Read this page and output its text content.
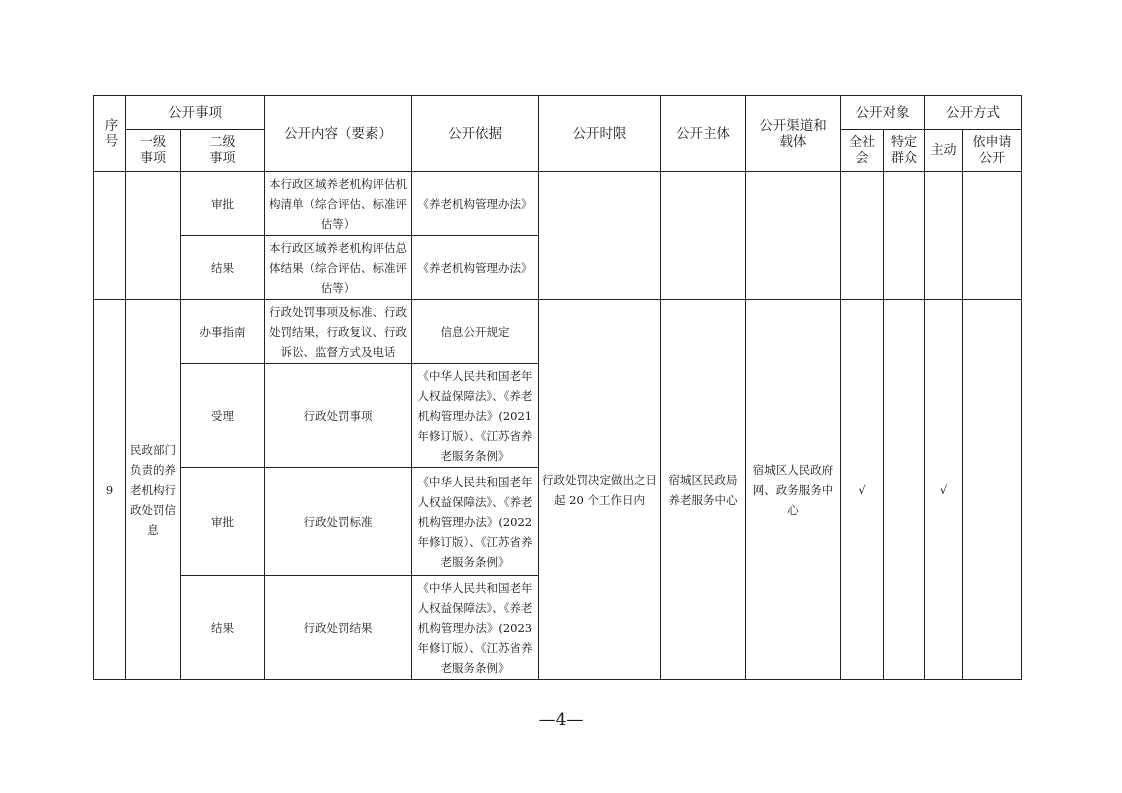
序号	公开事项		公开内容（要素）	公开依据	公开时限	公开主体	公开渠道和载体	公开对象		公开方式	
	一级事项	二级事项						全社会	特定群众	主动	依申请公开
		审批	本行政区域养老机构评估机构清单（综合评估、标准评估等）	《养老机构管理办法》							
		结果	本行政区域养老机构评估总体结果（综合评估、标准评估等）	《养老机构管理办法》							
9	民政部门负责的养老机构行政处罚信息	办事指南	行政处罚事项及标准、行政处罚结果，行政复议、行政诉讼、监督方式及电话	信息公开规定	行政处罚决定做出之日起 20 个工作日内	宿城区民政局养老服务中心	宿城区人民政府网、政务服务中心	√		√	
		受理	行政处罚事项	《中华人民共和国老年人权益保障法》、《养老机构管理办法》(2021 年修订版）、《江苏省养老服务条例》							
		审批	行政处罚标准	《中华人民共和国老年人权益保障法》、《养老机构管理办法》(2022 年修订版）、《江苏省养老服务条例》							
		结果	行政处罚结果	《中华人民共和国老年人权益保障法》、《养老机构管理办法》(2023 年修订版）、《江苏省养老服务条例》							
—4—
